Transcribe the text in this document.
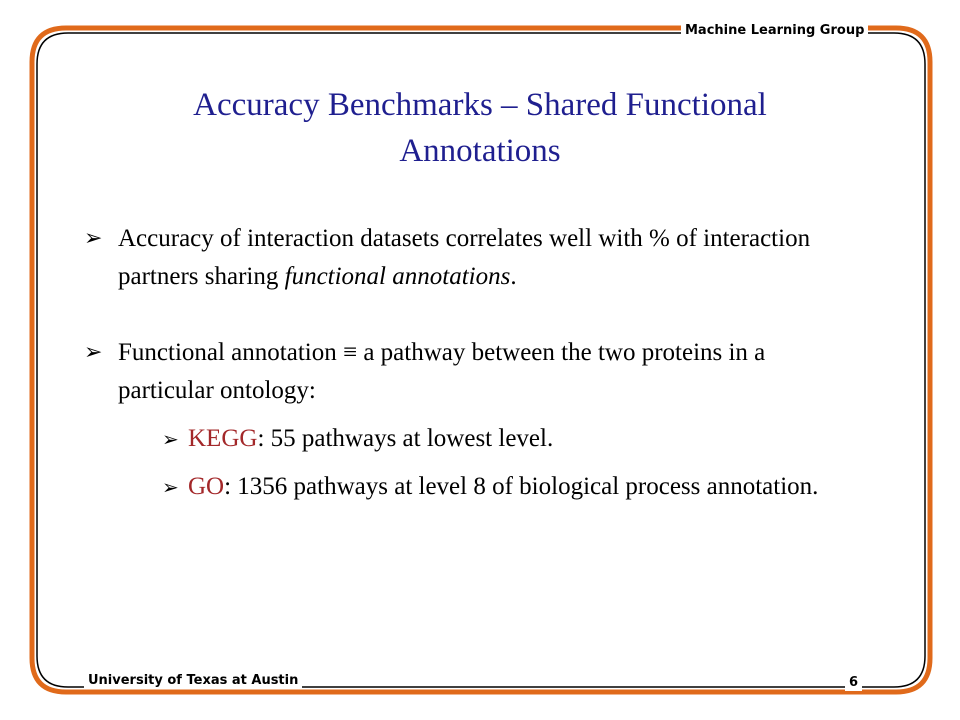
Machine Learning Group
University of Texas at Austin	6
Accuracy Benchmarks – Shared Functional Annotations
➢ Accuracy of interaction datasets correlates well with % of interaction partners sharing functional annotations.
➢ Functional annotation ≡ a pathway between the two proteins in a particular ontology:
➢ KEGG: 55 pathways at lowest level.
➢ GO: 1356 pathways at level 8 of biological process annotation.
